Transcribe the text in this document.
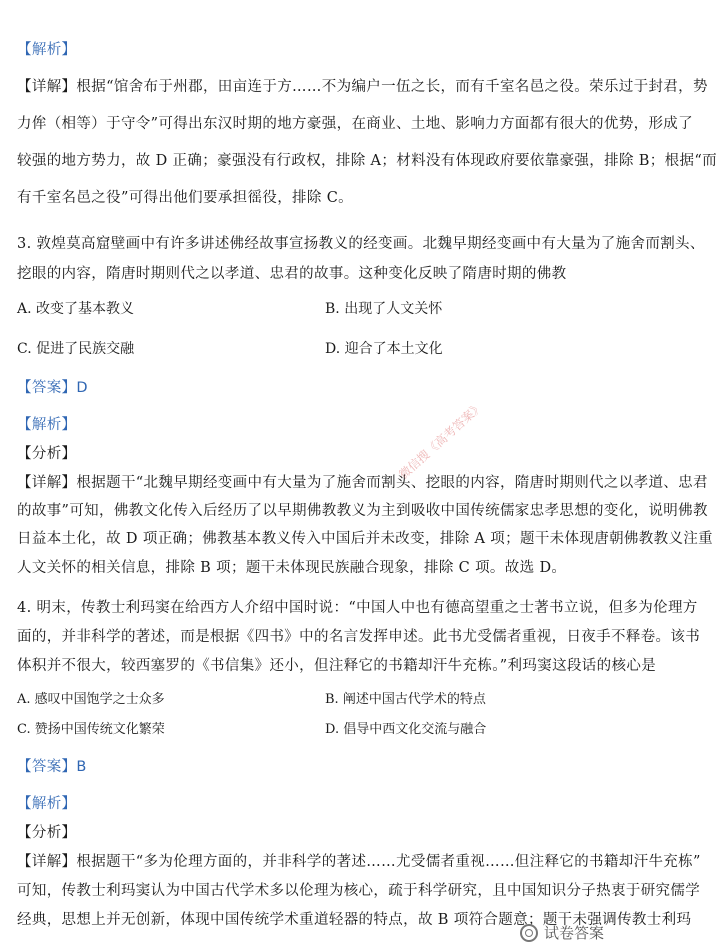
【解析】
【详解】根据“馆舍布于州郡，田亩连于方……不为编户一伍之长，而有千室名邑之役。荣乐过于封君，势
力侔（相等）于守令”可得出东汉时期的地方豪强，在商业、土地、影响力方面都有很大的优势，形成了
较强的地方势力，故 D 正确；豪强没有行政权，排除 A；材料没有体现政府要依靠豪强，排除 B；根据“而
有千室名邑之役”可得出他们要承担徭役，排除 C。
3. 敦煌莫高窟壁画中有许多讲述佛经故事宣扬教义的经变画。北魏早期经变画中有大量为了施舍而割头、
挖眼的内容，隋唐时期则代之以孝道、忠君的故事。这种变化反映了隋唐时期的佛教
A. 改变了基本教义	B. 出现了人文关怀
C. 促进了民族交融	D. 迎合了本土文化
【答案】D
【解析】
【分析】
【详解】根据题干“北魏早期经变画中有大量为了施舍而割头、挖眼的内容，隋唐时期则代之以孝道、忠君
的故事”可知，佛教文化传入后经历了以早期佛教教义为主到吸收中国传统儒家忠孝思想的变化，说明佛教
日益本土化，故 D 项正确；佛教基本教义传入中国后并未改变，排除 A 项；题干未体现唐朝佛教教义注重
人文关怀的相关信息，排除 B 项；题干未体现民族融合现象，排除 C 项。故选 D。
4. 明末，传教士利玛窦在给西方人介绍中国时说：“中国人中也有德高望重之士著书立说，但多为伦理方
面的，并非科学的著述，而是根据《四书》中的名言发挥申述。此书尤受儒者重视，日夜手不释卷。该书
体积并不很大，较西塞罗的《书信集》还小，但注释它的书籍却汗牛充栋。”利玛窦这段话的核心是
A. 感叹中国饱学之士众多	B. 阐述中国古代学术的特点
C. 赞扬中国传统文化繁荣	D. 倡导中西文化交流与融合
【答案】B
【解析】
【分析】
【详解】根据题干“多为伦理方面的，并非科学的著述……尤受儒者重视……但注释它的书籍却汗牛充栋”
可知，传教士利玛窦认为中国古代学术多以伦理为核心，疏于科学研究，且中国知识分子热衷于研究儒学
经典，思想上并无创新，体现中国传统学术重道轻器的特点，故 B 项符合题意；题干未强调传教士利玛
微信搜《高考答案》
试卷答案
